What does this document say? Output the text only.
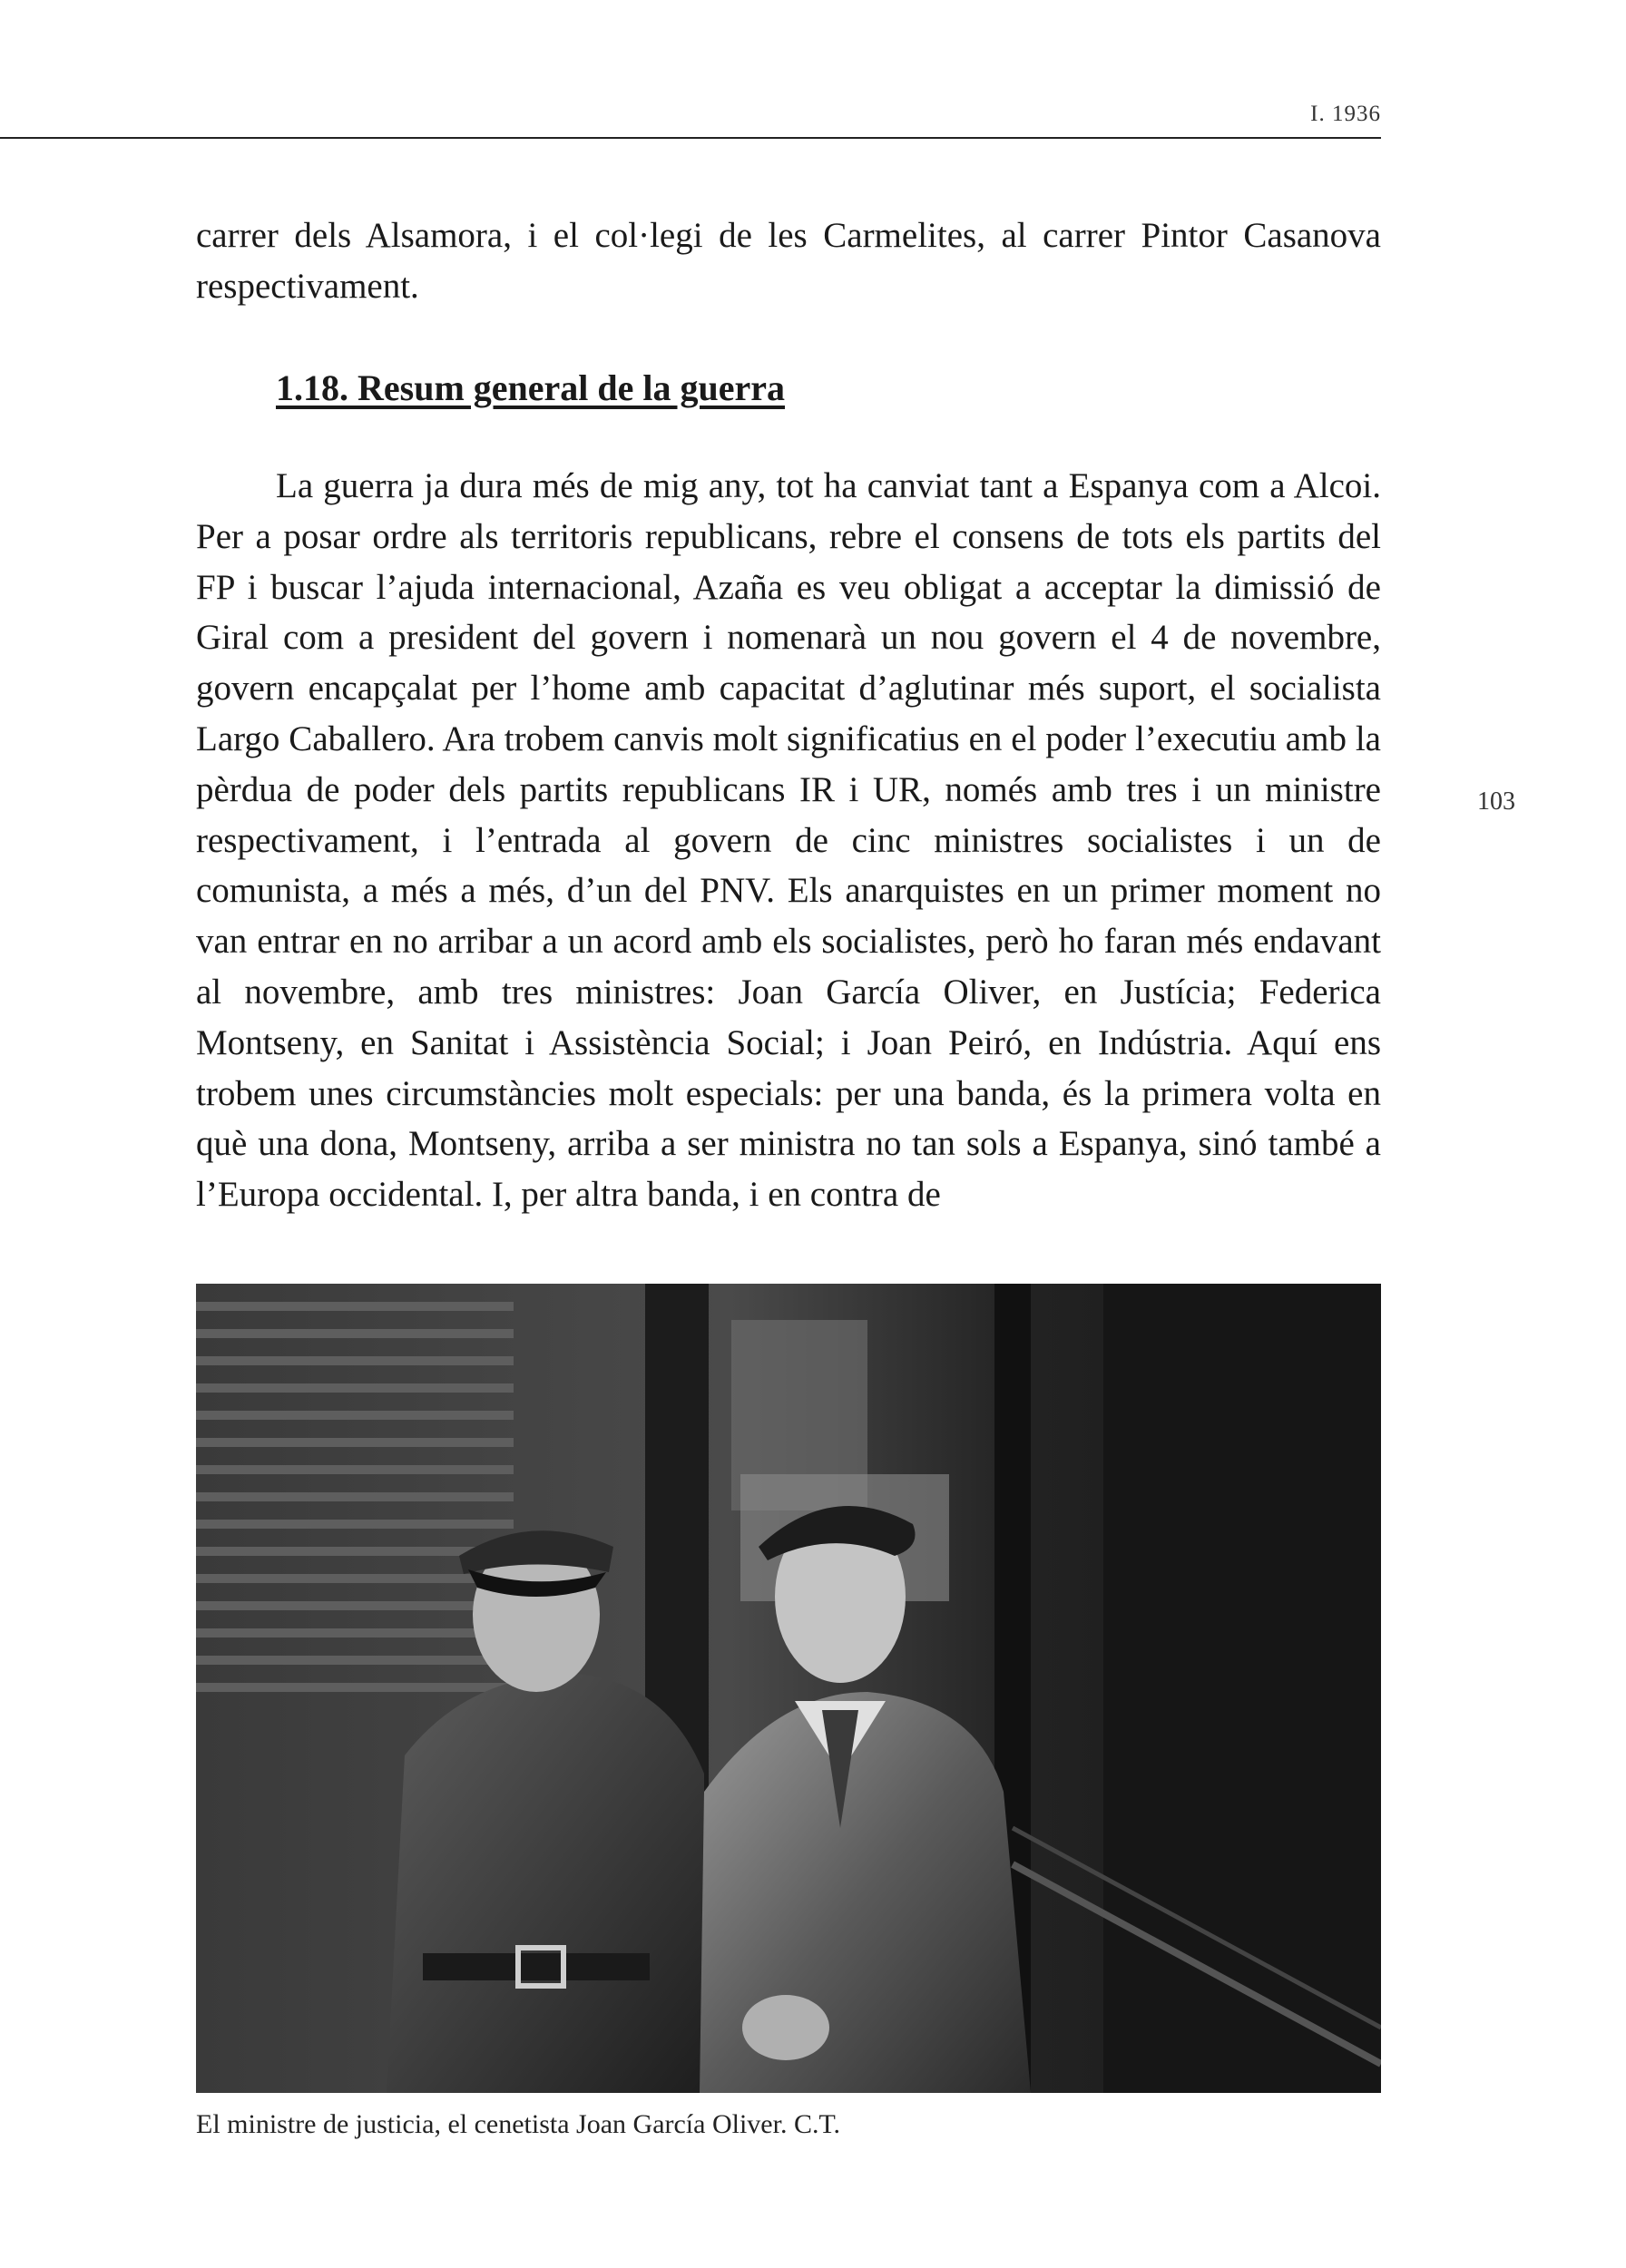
I. 1936
103

carrer dels Alsamora, i el col·legi de les Carmelites, al carrer Pintor Casanova respectivament.

1.18. Resum general de la guerra

La guerra ja dura més de mig any, tot ha canviat tant a Espanya com a Alcoi. Per a posar ordre als territoris republicans, rebre el consens de tots els partits del FP i buscar l’ajuda internacional, Azaña es veu obligat a acceptar la dimissió de Giral com a president del govern i nomenarà un nou govern el 4 de novembre, govern encapçalat per l’home amb capacitat d’aglutinar més suport, el socialista Largo Caballero. Ara trobem canvis molt significatius en el poder l’executiu amb la pèrdua de poder dels partits republicans IR i UR, només amb tres i un ministre respectivament, i l’entrada al govern de cinc ministres socialistes i un de comunista, a més a més, d’un del PNV. Els anarquistes en un primer moment no van entrar en no arribar a un acord amb els socialistes, però ho faran més endavant al novembre, amb tres ministres: Joan García Oliver, en Justícia; Federica Montseny, en Sanitat i Assistència Social; i Joan Peiró, en Indústria. Aquí ens trobem unes circumstàncies molt especials: per una banda, és la primera volta en què una dona, Montseny, arriba a ser ministra no tan sols a Espanya, sinó també a l’Europa occidental. I, per altra banda, i en contra de

El ministre de justicia, el cenetista Joan García Oliver. C.T.
